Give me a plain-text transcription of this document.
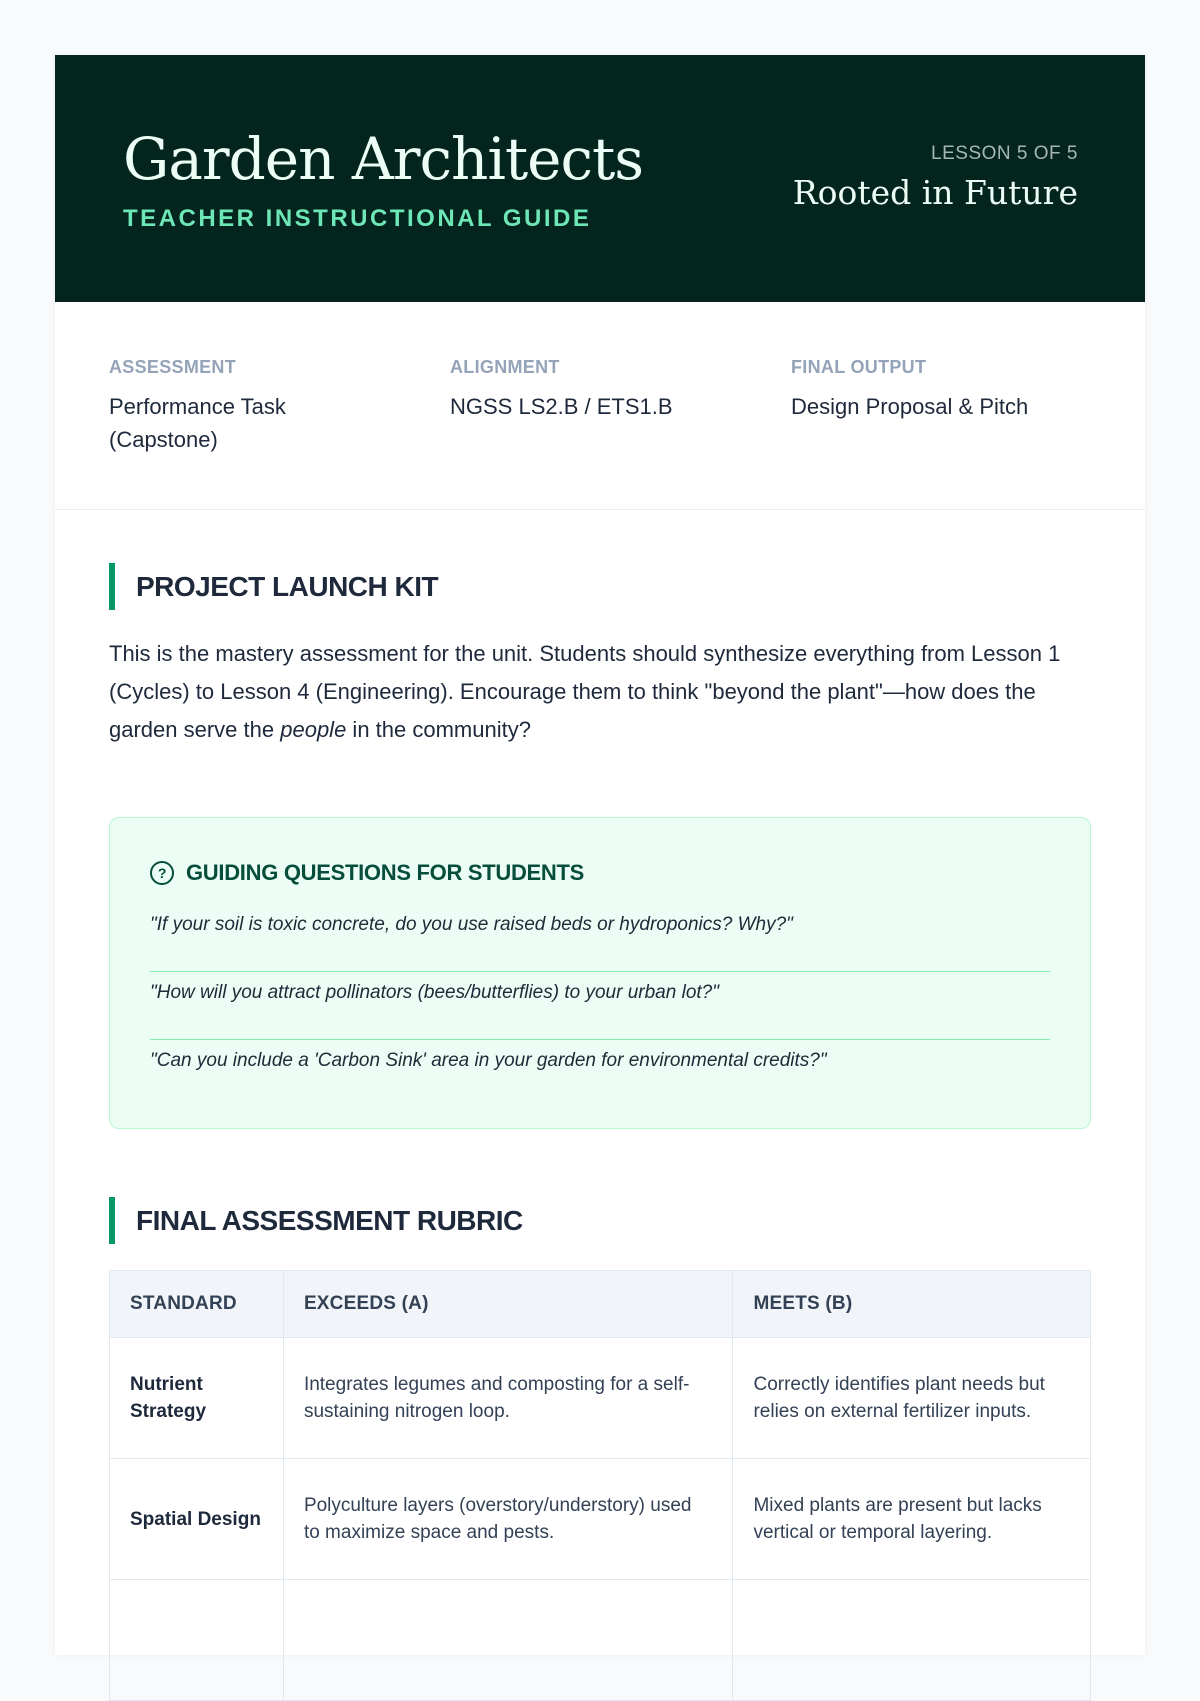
Garden Architects
TEACHER INSTRUCTIONAL GUIDE
LESSON 5 OF 5
Rooted in Future
ASSESSMENT
Performance Task (Capstone)
ALIGNMENT
NGSS LS2.B / ETS1.B
FINAL OUTPUT
Design Proposal & Pitch
PROJECT LAUNCH KIT

This is the mastery assessment for the unit. Students should synthesize everything from Lesson 1 (Cycles) to Lesson 4 (Engineering). Encourage them to think "beyond the plant"—how does the garden serve the people in the community?

? GUIDING QUESTIONS FOR STUDENTS
"If your soil is toxic concrete, do you use raised beds or hydroponics? Why?"
"How will you attract pollinators (bees/butterflies) to your urban lot?"
"Can you include a 'Carbon Sink' area in your garden for environmental credits?"
FINAL ASSESSMENT RUBRIC
STANDARD	EXCEEDS (A)	MEETS (B)
Nutrient Strategy	Integrates legumes and composting for a self-sustaining nitrogen loop.	Correctly identifies plant needs but relies on external fertilizer inputs.
Spatial Design	Polyculture layers (overstory/understory) used to maximize space and pests.	Mixed plants are present but lacks vertical or temporal layering.
